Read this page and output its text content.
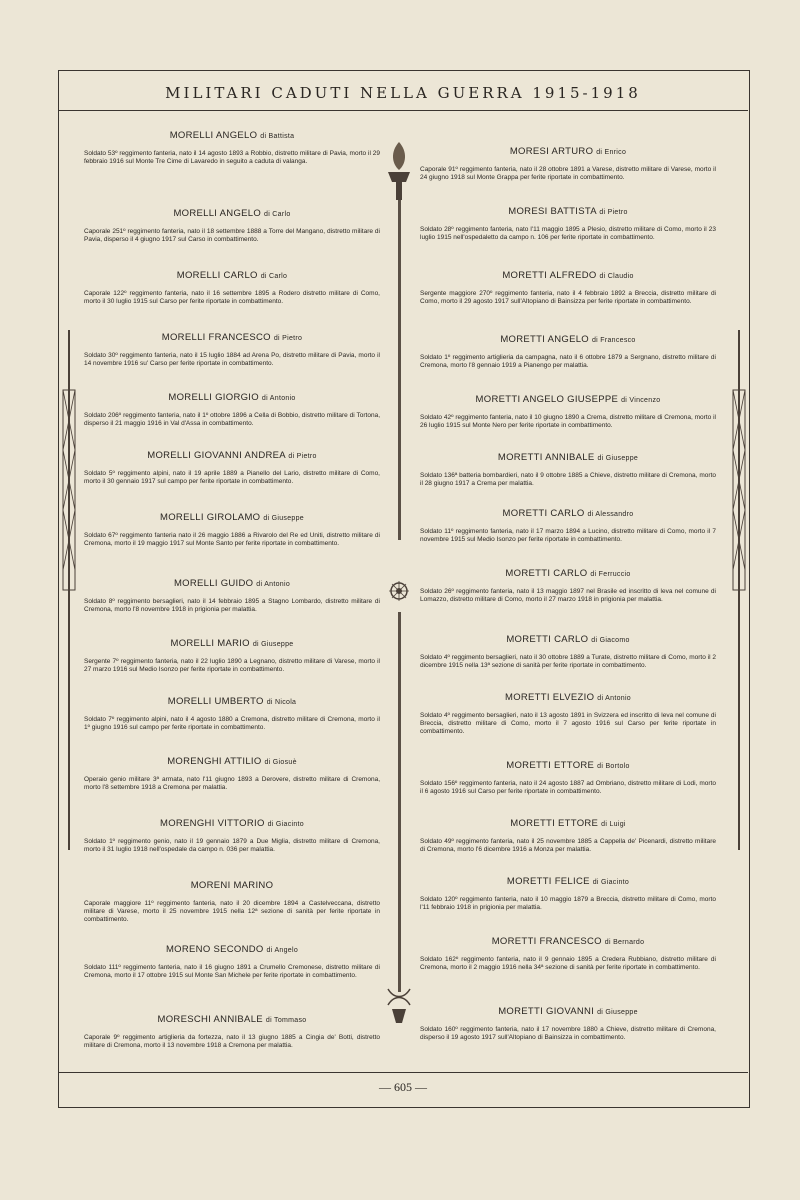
MILITARI CADUTI NELLA GUERRA 1915-1918
MORELLI ANGELO di Battista
Soldato 53º reggimento fanteria, nato il 14 agosto 1893 a Robbio, distretto militare di Pavia, morto il 29 febbraio 1916 sul Monte Tre Cime di Lavaredo in seguito a caduta di valanga.
MORELLI ANGELO di Carlo
Caporale 251º reggimento fanteria, nato il 18 settembre 1888 a Torre del Mangano, distretto militare di Pavia, disperso il 4 giugno 1917 sul Carso in combattimento.
MORELLI CARLO di Carlo
Caporale 122º reggimento fanteria, nato il 16 settembre 1895 a Rodero distretto militare di Como, morto il 30 luglio 1915 sul Carso per ferite riportate in combattimento.
MORELLI FRANCESCO di Pietro
Soldato 30º reggimento fanteria, nato il 15 luglio 1884 ad Arena Po, distretto militare di Pavia, morto il 14 novembre 1916 su' Carso per ferite riportate in combattimento.
MORELLI GIORGIO di Antonio
Soldato 206º reggimento fanteria, nato il 1º ottobre 1896 a Cella di Bobbio, distretto militare di Tortona, disperso il 21 maggio 1916 in Val d'Assa in combattimento.
MORELLI GIOVANNI ANDREA di Pietro
Soldato 5º reggimento alpini, nato il 19 aprile 1889 a Pianello del Lario, distretto militare di Como, morto il 30 gennaio 1917 sul campo per ferite riportate in combattimento.
MORELLI GIROLAMO di Giuseppe
Soldato 67º reggimento fanteria nato il 26 maggio 1886 a Rivarolo del Re ed Uniti, distretto militare di Cremona, morto il 19 maggio 1917 sul Monte Santo per ferite riportate in combattimento.
MORELLI GUIDO di Antonio
Soldato 8º reggimento bersaglieri, nato il 14 febbraio 1895 a Stagno Lombardo, distretto militare di Cremona, morto l'8 novembre 1918 in prigionia per malattia.
MORELLI MARIO di Giuseppe
Sergente 7º reggimento fanteria, nato il 22 luglio 1890 a Legnano, distretto militare di Varese, morto il 27 marzo 1916 sul Medio Isonzo per ferite riportate in combattimento.
MORELLI UMBERTO di Nicola
Soldato 7º reggimento alpini, nato il 4 agosto 1880 a Cremona, distretto militare di Cremona, morto il 1º giugno 1916 sul campo per ferite riportate in combattimento.
MORENGHI ATTILIO di Giosuè
Operaio genio militare 3ª armata, nato l'11 giugno 1893 a Derovere, distretto militare di Cremona, morto l'8 settembre 1918 a Cremona per malattia.
MORENGHI VITTORIO di Giacinto
Soldato 1º reggimento genio, nato il 19 gennaio 1879 a Due Miglia, distretto militare di Cremona, morto il 31 luglio 1918 nell'ospedale da campo n. 036 per malattia.
MORENI MARINO
Caporale maggiore 11º reggimento fanteria, nato il 20 dicembre 1894 a Castelveccana, distretto militare di Varese, morto il 25 novembre 1915 nella 12ª sezione di sanità per ferite riportate in combattimento.
MORENO SECONDO di Angelo
Soldato 111º reggimento fanteria, nato il 16 giugno 1891 a Crumello Cremonese, distretto militare di Cremona, morto il 17 ottobre 1915 sul Monte San Michele per ferite riportate in combattimento.
MORESCHI ANNIBALE di Tommaso
Caporale 9º reggimento artiglieria da fortezza, nato il 13 giugno 1885 a Cingia de' Botti, distretto militare di Cremona, morto il 13 novembre 1918 a Cremona per malattia.
MORESI ARTURO di Enrico
Caporale 91º reggimento fanteria, nato il 28 ottobre 1891 a Varese, distretto militare di Varese, morto il 24 giugno 1918 sul Monte Grappa per ferite riportate in combattimento.
MORESI BATTISTA di Pietro
Soldato 28º reggimento fanteria, nato l'11 maggio 1895 a Plesio, distretto militare di Como, morto il 23 luglio 1915 nell'ospedaletto da campo n. 106 per ferite riportate in combattimento.
MORETTI ALFREDO di Claudio
Sergente maggiore 270º reggimento fanteria, nato il 4 febbraio 1892 a Breccia, distretto militare di Como, morto il 29 agosto 1917 sull'Altopiano di Bainsizza per ferite riportate in combattimento.
MORETTI ANGELO di Francesco
Soldato 1º reggimento artiglieria da campagna, nato il 6 ottobre 1879 a Sergnano, distretto militare di Cremona, morto l'8 gennaio 1919 a Pianengo per malattia.
MORETTI ANGELO GIUSEPPE di Vincenzo
Soldato 42º reggimento fanteria, nato il 10 giugno 1890 a Crema, distretto militare di Cremona, morto il 26 luglio 1915 sul Monte Nero per ferite riportate in combattimento.
MORETTI ANNIBALE di Giuseppe
Soldato 136ª batteria bombardieri, nato il 9 ottobre 1885 a Chieve, distretto militare di Cremona, morto il 28 giugno 1917 a Crema per malattia.
MORETTI CARLO di Alessandro
Soldato 11º reggimento fanteria, nato il 17 marzo 1894 a Lucino, distretto militare di Como, morto il 7 novembre 1915 sul Medio Isonzo per ferite riportate in combattimento.
MORETTI CARLO di Ferruccio
Soldato 26º reggimento fanteria, nato il 13 maggio 1897 nel Brasile ed inscritto di leva nel comune di Lomazzo, distretto militare di Como, morto il 27 marzo 1918 in prigionia per malattia.
MORETTI CARLO di Giacomo
Soldato 4º reggimento bersaglieri, nato il 30 ottobre 1889 a Turate, distretto militare di Como, morto il 2 dicembre 1915 nella 13ª sezione di sanità per ferite riportate in combattimento.
MORETTI ELVEZIO di Antonio
Soldato 4º reggimento bersaglieri, nato il 13 agosto 1891 in Svizzera ed inscritto di leva nel comune di Breccia, distretto militare di Como, morto il 7 agosto 1916 sul Carso per ferite riportate in combattimento.
MORETTI ETTORE di Bortolo
Soldato 156º reggimento fanteria, nato il 24 agosto 1887 ad Ombriano, distretto militare di Lodi, morto il 6 agosto 1916 sul Carso per ferite riportate in combattimento.
MORETTI ETTORE di Luigi
Soldato 49º reggimento fanteria, nato il 25 novembre 1885 a Cappella de' Picenardi, distretto militare di Cremona, morto l'6 dicembre 1916 a Monza per malattia.
MORETTI FELICE di Giacinto
Soldato 120º reggimento fanteria, nato il 10 maggio 1879 a Breccia, distretto militare di Como, morto l'11 febbraio 1918 in prigionia per malattia.
MORETTI FRANCESCO di Bernardo
Soldato 162º reggimento fanteria, nato il 9 gennaio 1895 a Credera Rubbiano, distretto militare di Cremona, morto il 2 maggio 1916 nella 34ª sezione di sanità per ferite riportate in combattimento.
MORETTI GIOVANNI di Giuseppe
Soldato 160º reggimento fanteria, nato il 17 novembre 1880 a Chieve, distretto militare di Cremona, disperso il 19 agosto 1917 sull'Altopiano di Bainsizza in combattimento.
— 605 —
